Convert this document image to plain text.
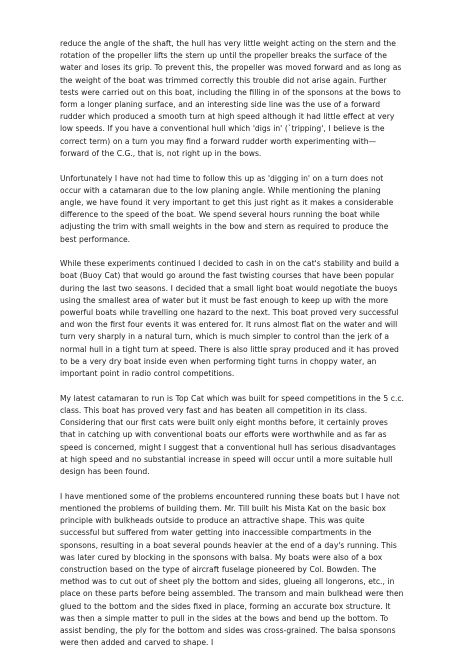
reduce the angle of the shaft, the hull has very little weight acting on the stern and the rotation of the propeller lifts the stern up until the propeller breaks the surface of the water and loses its grip. To prevent this, the propeller was moved forward and as long as the weight of the boat was trimmed correctly this trouble did not arise again. Further tests were carried out on this boat, including the filling in of the sponsons at the bows to form a longer planing surface, and an interesting side line was the use of a forward rudder which produced a smooth turn at high speed although it had little effect at very low speeds. If you have a conventional hull which 'digs in' (`tripping', I believe is the correct term) on a turn you may find a forward rudder worth experimenting with—forward of the C.G., that is, not right up in the bows.

Unfortunately I have not had time to follow this up as 'digging in' on a turn does not occur with a catamaran due to the low planing angle. While mentioning the planing angle, we have found it very important to get this just right as it makes a considerable difference to the speed of the boat. We spend several hours running the boat while adjusting the trim with small weights in the bow and stern as required to produce the best performance.

While these experiments continued I decided to cash in on the cat's stability and build a boat (Buoy Cat) that would go around the fast twisting courses that have been popular during the last two seasons. I decided that a small light boat would negotiate the buoys using the smallest area of water but it must be fast enough to keep up with the more powerful boats while travelling one hazard to the next. This boat proved very successful and won the first four events it was entered for. It runs almost flat on the water and will turn very sharply in a natural turn, which is much simpler to control than the jerk of a normal hull in a tight turn at speed. There is also little spray produced and it has proved to be a very dry boat inside even when performing tight turns in choppy water, an important point in radio control competitions.

My latest catamaran to run is Top Cat which was built for speed competitions in the 5 c.c. class. This boat has proved very fast and has beaten all competition in its class. Considering that our first cats were built only eight months before, it certainly proves that in catching up with conventional boats our efforts were worthwhile and as far as speed is concerned, might I suggest that a conventional hull has serious disadvantages at high speed and no substantial increase in speed will occur until a more suitable hull design has been found.

I have mentioned some of the problems encountered running these boats but I have not mentioned the problems of building them. Mr. Till built his Mista Kat on the basic box principle with bulkheads outside to produce an attractive shape. This was quite successful but suffered from water getting into inaccessible compartments in the sponsons, resulting in a boat several pounds heavier at the end of a day's running. This was later cured by blocking in the sponsons with balsa. My boats were also of a box construction based on the type of aircraft fuselage pioneered by Col. Bowden. The method was to cut out of sheet ply the bottom and sides, glueing all longerons, etc., in place on these parts before being assembled. The transom and main bulkhead were then glued to the bottom and the sides fixed in place, forming an accurate box structure. It was then a simple matter to pull in the sides at the bows and bend up the bottom. To assist bending, the ply for the bottom and sides was cross-grained. The balsa sponsons were then added and carved to shape. I
